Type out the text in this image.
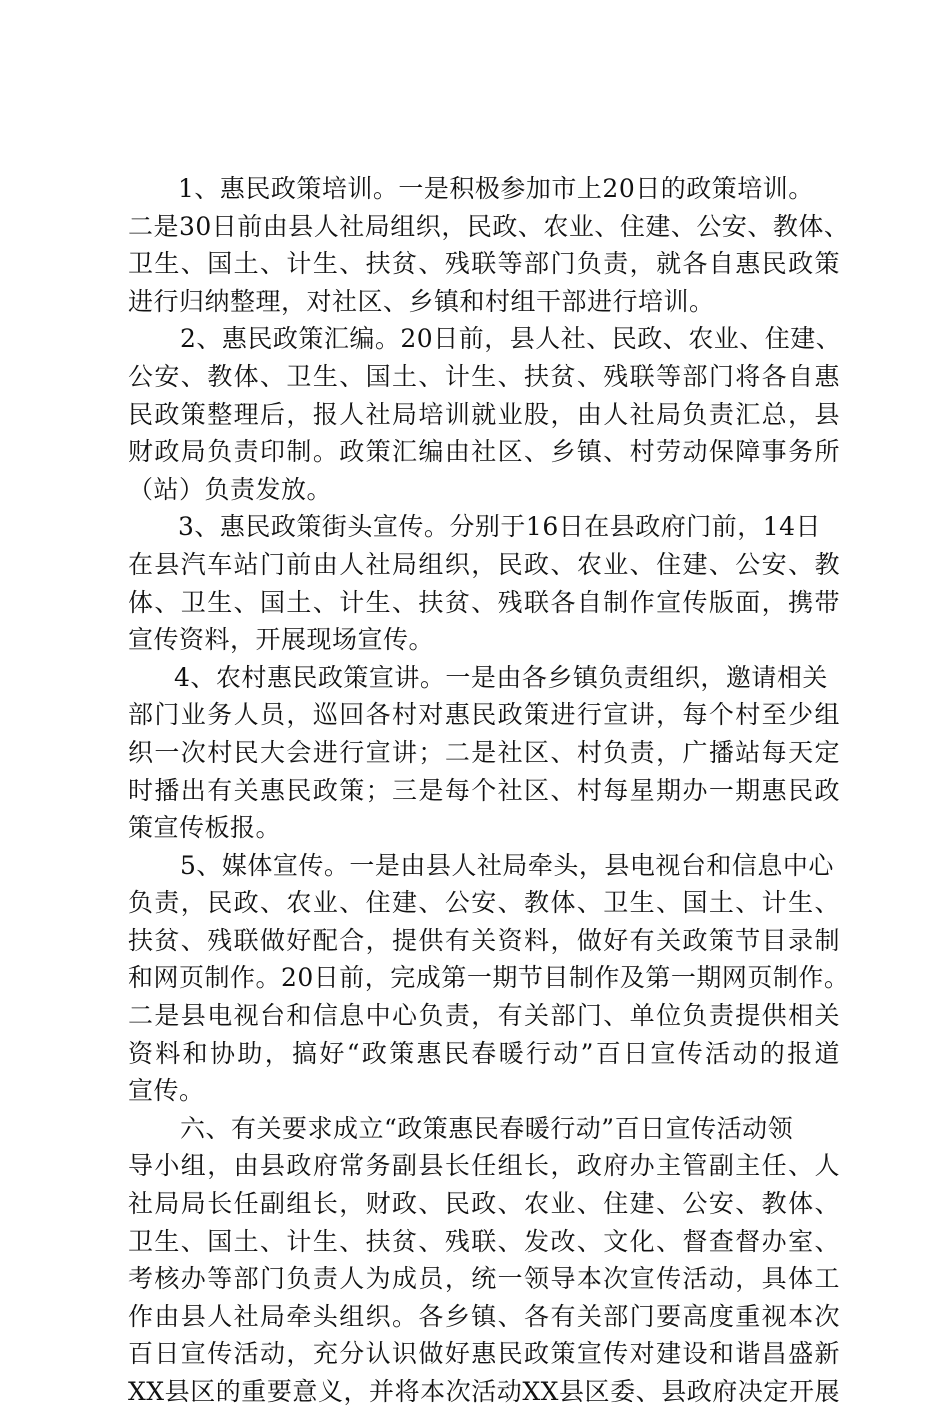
1、惠民政策培训。一是积极参加市上20日的政策培训。
二是30日前由县人社局组织，民政、农业、住建、公安、教体、
卫生、国土、计生、扶贫、残联等部门负责，就各自惠民政策
进行归纳整理，对社区、乡镇和村组干部进行培训。
2、惠民政策汇编。20日前，县人社、民政、农业、住建、
公安、教体、卫生、国土、计生、扶贫、残联等部门将各自惠
民政策整理后，报人社局培训就业股，由人社局负责汇总，县
财政局负责印制。政策汇编由社区、乡镇、村劳动保障事务所
（站）负责发放。
3、惠民政策街头宣传。分别于16日在县政府门前，14日
在县汽车站门前由人社局组织，民政、农业、住建、公安、教
体、卫生、国土、计生、扶贫、残联各自制作宣传版面，携带
宣传资料，开展现场宣传。
4、农村惠民政策宣讲。一是由各乡镇负责组织，邀请相关
部门业务人员，巡回各村对惠民政策进行宣讲，每个村至少组
织一次村民大会进行宣讲；二是社区、村负责，广播站每天定
时播出有关惠民政策；三是每个社区、村每星期办一期惠民政
策宣传板报。
5、媒体宣传。一是由县人社局牵头，县电视台和信息中心
负责，民政、农业、住建、公安、教体、卫生、国土、计生、
扶贫、残联做好配合，提供有关资料，做好有关政策节目录制
和网页制作。20日前，完成第一期节目制作及第一期网页制作。
二是县电视台和信息中心负责，有关部门、单位负责提供相关
资料和协助，搞好“政策惠民春暖行动”百日宣传活动的报道
宣传。
六、有关要求成立“政策惠民春暖行动”百日宣传活动领
导小组，由县政府常务副县长任组长，政府办主管副主任、人
社局局长任副组长，财政、民政、农业、住建、公安、教体、
卫生、国土、计生、扶贫、残联、发改、文化、督查督办室、
考核办等部门负责人为成员，统一领导本次宣传活动，具体工
作由县人社局牵头组织。各乡镇、各有关部门要高度重视本次
百日宣传活动，充分认识做好惠民政策宣传对建设和谐昌盛新
XX县区的重要意义，并将本次活动XX县区委、县政府决定开展
